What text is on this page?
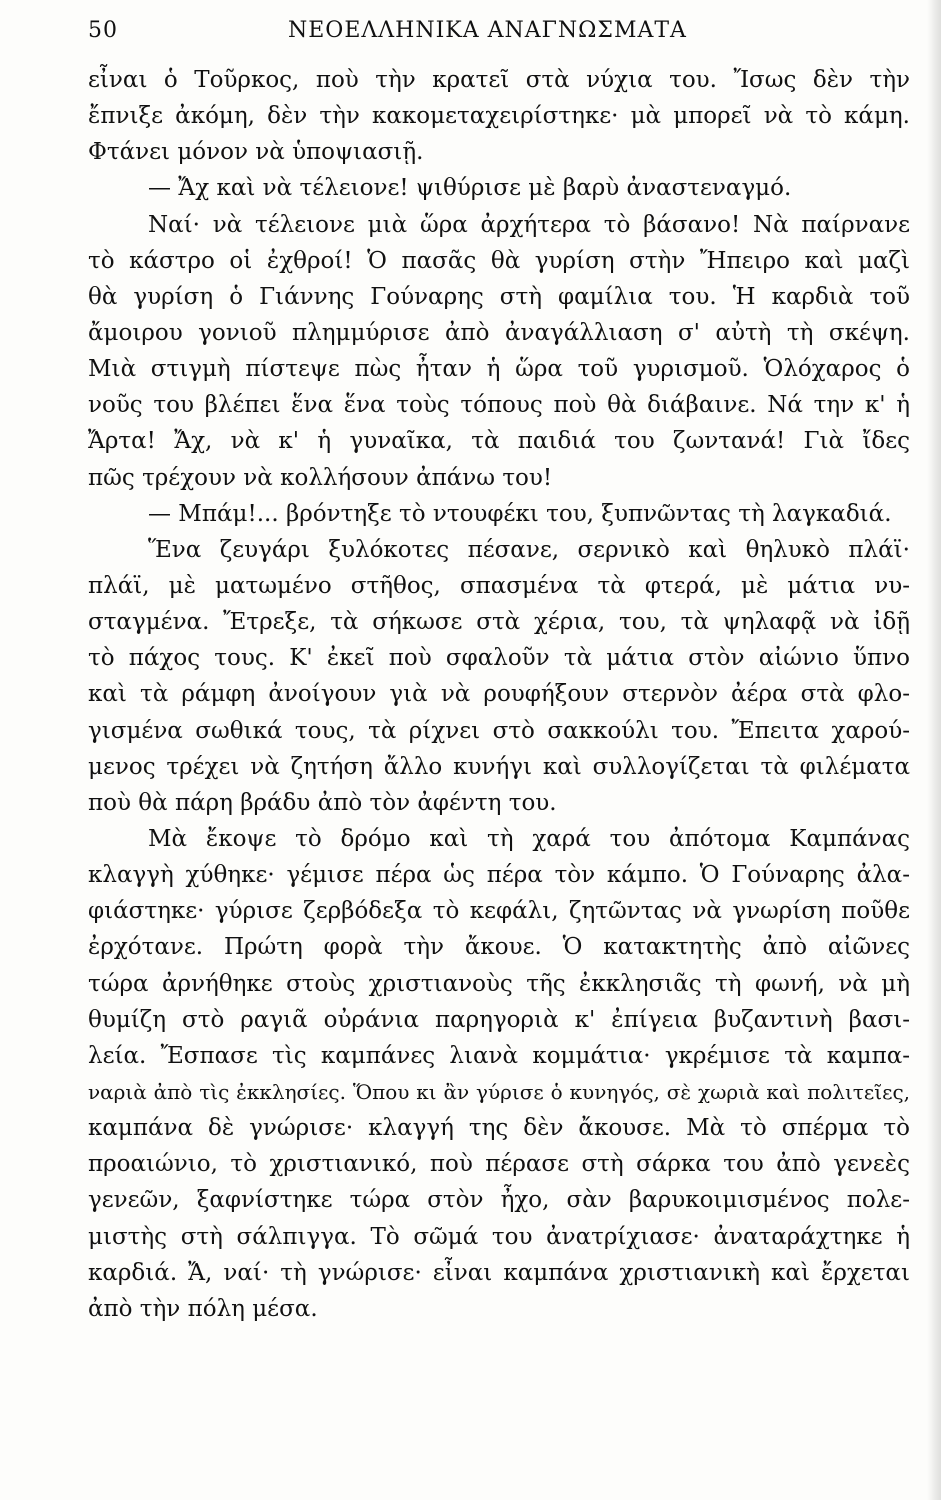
50	ΝΕΟΕΛΛΗΝΙΚΑ ΑΝΑΓΝΩΣΜΑΤΑ
εἶναι ὁ Τοῦρκος, ποὺ τὴν κρατεῖ στὰ νύχια του. Ἴσως δὲν τὴν
ἔπνιξε ἀκόμη, δὲν τὴν κακομεταχειρίστηκε· μὰ μπορεῖ νὰ τὸ κάμη.
Φτάνει μόνον νὰ ὑποψιασιῇ.
— Ἄχ καὶ νὰ τέλειονε! ψιθύρισε μὲ βαρὺ ἀναστεναγμό.
Ναί· νὰ τέλειονε μιὰ ὥρα ἀρχήτερα τὸ βάσανο! Νὰ παίρνανε
τὸ κάστρο οἱ ἐχθροί! Ὁ πασᾶς θὰ γυρίση στὴν Ἤπειρο καὶ μαζὶ
θὰ γυρίση ὁ Γιάννης Γούναρης στὴ φαμίλια του. Ἡ καρδιὰ τοῦ
ἄμοιρου γονιοῦ πλημμύρισε ἀπὸ ἀναγάλλιαση σ' αὐτὴ τὴ σκέψη.
Μιὰ στιγμὴ πίστεψε πὼς ἦταν ἡ ὥρα τοῦ γυρισμοῦ. Ὁλόχαρος ὁ
νοῦς του βλέπει ἕνα ἕνα τοὺς τόπους ποὺ θὰ διάβαινε. Νά την κ' ἡ
Ἄρτα! Ἄχ, νὰ κ' ἡ γυναῖκα, τὰ παιδιά του ζωντανά! Γιὰ ἴδες
πῶς τρέχουν νὰ κολλήσουν ἀπάνω του!
— Μπάμ!... βρόντηξε τὸ ντουφέκι του, ξυπνῶντας τὴ λαγκαδιά.
Ἕνα ζευγάρι ξυλόκοτες πέσανε, σερνικὸ καὶ θηλυκὸ πλάϊ·
πλάϊ, μὲ ματωμένο στῆθος, σπασμένα τὰ φτερά, μὲ μάτια νυ-
σταγμένα. Ἔτρεξε, τὰ σήκωσε στὰ χέρια, του, τὰ ψηλαφᾷ νὰ ἰδῇ
τὸ πάχος τους. Κ' ἐκεῖ ποὺ σφαλοῦν τὰ μάτια στὸν αἰώνιο ὕπνο
καὶ τὰ ράμφη ἀνοίγουν γιὰ νὰ ρουφήξουν στερνὸν ἀέρα στὰ φλο-
γισμένα σωθικά τους, τὰ ρίχνει στὸ σακκούλι του. Ἔπειτα χαρού-
μενος τρέχει νὰ ζητήση ἄλλο κυνήγι καὶ συλλογίζεται τὰ φιλέματα
ποὺ θὰ πάρη βράδυ ἀπὸ τὸν ἀφέντη του.
Μὰ ἔκοψε τὸ δρόμο καὶ τὴ χαρά του ἀπότομα Καμπάνας
κλαγγὴ χύθηκε· γέμισε πέρα ὡς πέρα τὸν κάμπο. Ὁ Γούναρης ἀλα-
φιάστηκε· γύρισε ζερβόδεξα τὸ κεφάλι, ζητῶντας νὰ γνωρίση ποῦθε
ἐρχότανε. Πρώτη φορὰ τὴν ἄκουε. Ὁ κατακτητὴς ἀπὸ αἰῶνες
τώρα ἀρνήθηκε στοὺς χριστιανοὺς τῆς ἐκκλησιᾶς τὴ φωνή, νὰ μὴ
θυμίζη στὸ ραγιᾶ οὐράνια παρηγοριὰ κ' ἐπίγεια βυζαντινὴ βασι-
λεία. Ἔσπασε τὶς καμπάνες λιανὰ κομμάτια· γκρέμισε τὰ καμπα-
ναριὰ ἀπὸ τὶς ἐκκλησίες. Ὅπου κι ἂν γύρισε ὁ κυνηγός, σὲ χωριὰ καὶ πολιτεῖες,
καμπάνα δὲ γνώρισε· κλαγγή της δὲν ἄκουσε. Μὰ τὸ σπέρμα τὸ
προαιώνιο, τὸ χριστιανικό, ποὺ πέρασε στὴ σάρκα του ἀπὸ γενεὲς
γενεῶν, ξαφνίστηκε τώρα στὸν ἦχο, σὰν βαρυκοιμισμένος πολε-
μιστὴς στὴ σάλπιγγα. Τὸ σῶμά του ἀνατρίχιασε· ἀναταράχτηκε ἡ
καρδιά. Ἄ, ναί· τὴ γνώρισε· εἶναι καμπάνα χριστιανικὴ καὶ ἔρχεται
ἀπὸ τὴν πόλη μέσα.
